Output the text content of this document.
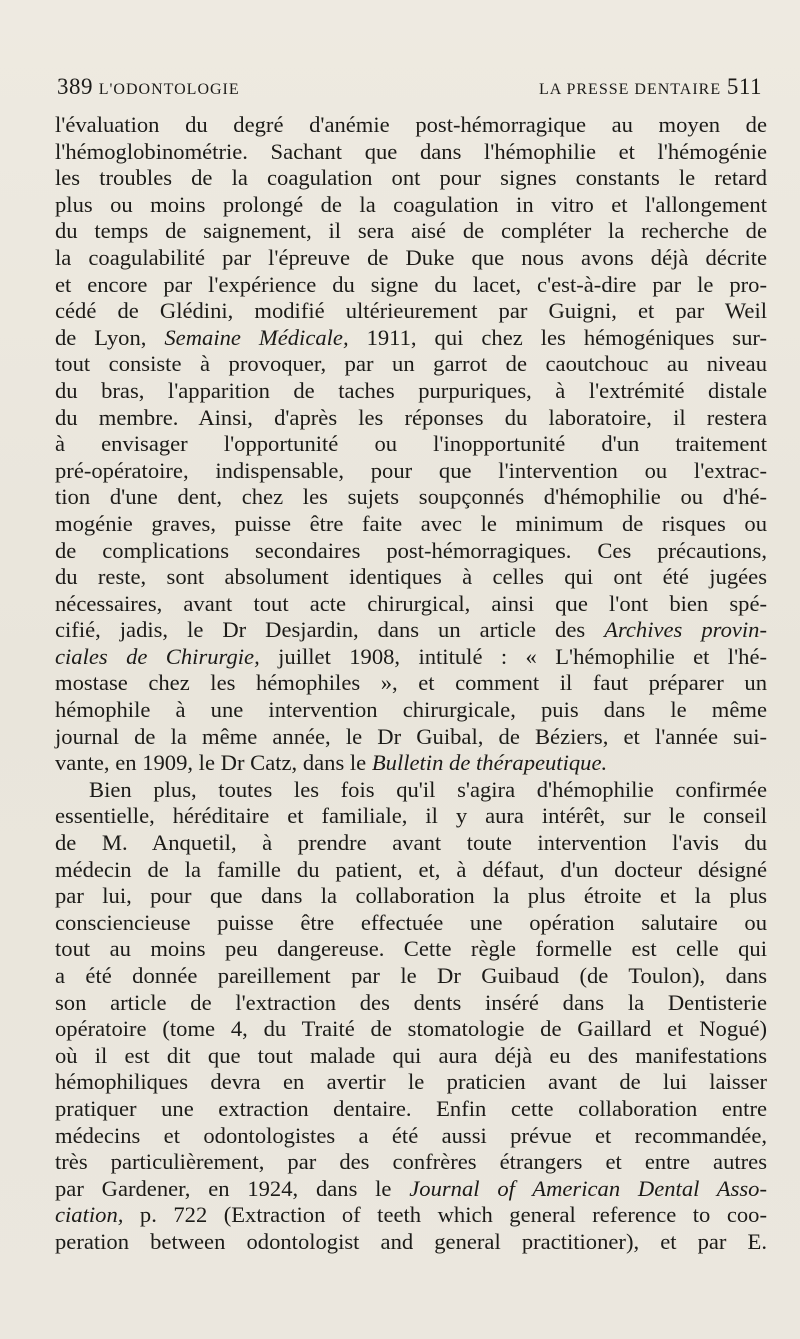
389 L'ODONTOLOGIE	LA PRESSE DENTAIRE 511
l'évaluation du degré d'anémie post-hémorragique au moyen de
l'hémoglobinométrie. Sachant que dans l'hémophilie et l'hémogénie
les troubles de la coagulation ont pour signes constants le retard
plus ou moins prolongé de la coagulation in vitro et l'allongement
du temps de saignement, il sera aisé de compléter la recherche de
la coagulabilité par l'épreuve de Duke que nous avons déjà décrite
et encore par l'expérience du signe du lacet, c'est-à-dire par le pro-
cédé de Glédini, modifié ultérieurement par Guigni, et par Weil
de Lyon, Semaine Médicale, 1911, qui chez les hémogéniques sur-
tout consiste à provoquer, par un garrot de caoutchouc au niveau
du bras, l'apparition de taches purpuriques, à l'extrémité distale
du membre. Ainsi, d'après les réponses du laboratoire, il restera
à envisager l'opportunité ou l'inopportunité d'un traitement
pré-opératoire, indispensable, pour que l'intervention ou l'extrac-
tion d'une dent, chez les sujets soupçonnés d'hémophilie ou d'hé-
mogénie graves, puisse être faite avec le minimum de risques ou
de complications secondaires post-hémorragiques. Ces précautions,
du reste, sont absolument identiques à celles qui ont été jugées
nécessaires, avant tout acte chirurgical, ainsi que l'ont bien spé-
cifié, jadis, le Dr Desjardin, dans un article des Archives provin-
ciales de Chirurgie, juillet 1908, intitulé : « L'hémophilie et l'hé-
mostase chez les hémophiles », et comment il faut préparer un
hémophile à une intervention chirurgicale, puis dans le même
journal de la même année, le Dr Guibal, de Béziers, et l'année sui-
vante, en 1909, le Dr Catz, dans le Bulletin de thérapeutique.
Bien plus, toutes les fois qu'il s'agira d'hémophilie confirmée
essentielle, héréditaire et familiale, il y aura intérêt, sur le conseil
de M. Anquetil, à prendre avant toute intervention l'avis du
médecin de la famille du patient, et, à défaut, d'un docteur désigné
par lui, pour que dans la collaboration la plus étroite et la plus
consciencieuse puisse être effectuée une opération salutaire ou
tout au moins peu dangereuse. Cette règle formelle est celle qui
a été donnée pareillement par le Dr Guibaud (de Toulon), dans
son article de l'extraction des dents inséré dans la Dentisterie
opératoire (tome 4, du Traité de stomatologie de Gaillard et Nogué)
où il est dit que tout malade qui aura déjà eu des manifestations
hémophiliques devra en avertir le praticien avant de lui laisser
pratiquer une extraction dentaire. Enfin cette collaboration entre
médecins et odontologistes a été aussi prévue et recommandée,
très particulièrement, par des confrères étrangers et entre autres
par Gardener, en 1924, dans le Journal of American Dental Asso-
ciation, p. 722 (Extraction of teeth which general reference to coo-
peration between odontologist and general practitioner), et par E.
